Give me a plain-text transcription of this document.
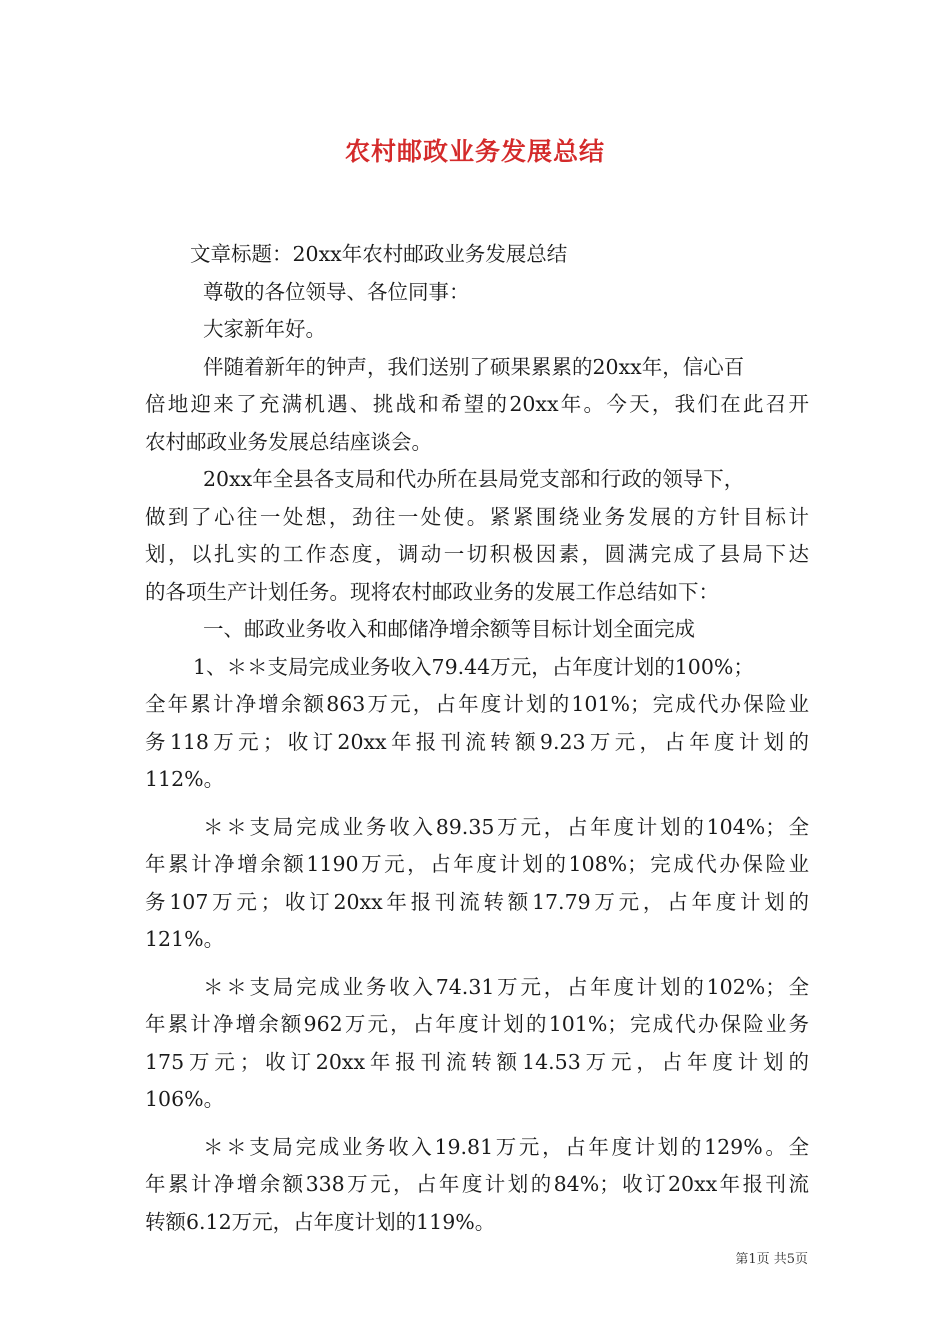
农村邮政业务发展总结
文章标题：20xx年农村邮政业务发展总结
尊敬的各位领导、各位同事：
大家新年好。
伴随着新年的钟声，我们送别了硕果累累的20xx年，信心百
倍地迎来了充满机遇、挑战和希望的20xx年。今天，我们在此召开
农村邮政业务发展总结座谈会。
20xx年全县各支局和代办所在县局党支部和行政的领导下，
做到了心往一处想，劲往一处使。紧紧围绕业务发展的方针目标计
划，以扎实的工作态度，调动一切积极因素，圆满完成了县局下达
的各项生产计划任务。现将农村邮政业务的发展工作总结如下：
一、邮政业务收入和邮储净增余额等目标计划全面完成
1、＊＊支局完成业务收入79.44万元，占年度计划的100%；
全年累计净增余额863万元，占年度计划的101%；完成代办保险业
务118万元；收订20xx年报刊流转额9.23万元，占年度计划的
112%。
＊＊支局完成业务收入89.35万元，占年度计划的104%；全
年累计净增余额1190万元，占年度计划的108%；完成代办保险业
务107万元；收订20xx年报刊流转额17.79万元，占年度计划的
121%。
＊＊支局完成业务收入74.31万元，占年度计划的102%；全
年累计净增余额962万元，占年度计划的101%；完成代办保险业务
175万元；收订20xx年报刊流转额14.53万元，占年度计划的
106%。
＊＊支局完成业务收入19.81万元，占年度计划的129%。全
年累计净增余额338万元，占年度计划的84%；收订20xx年报刊流
转额6.12万元，占年度计划的119%。
第1页 共5页
